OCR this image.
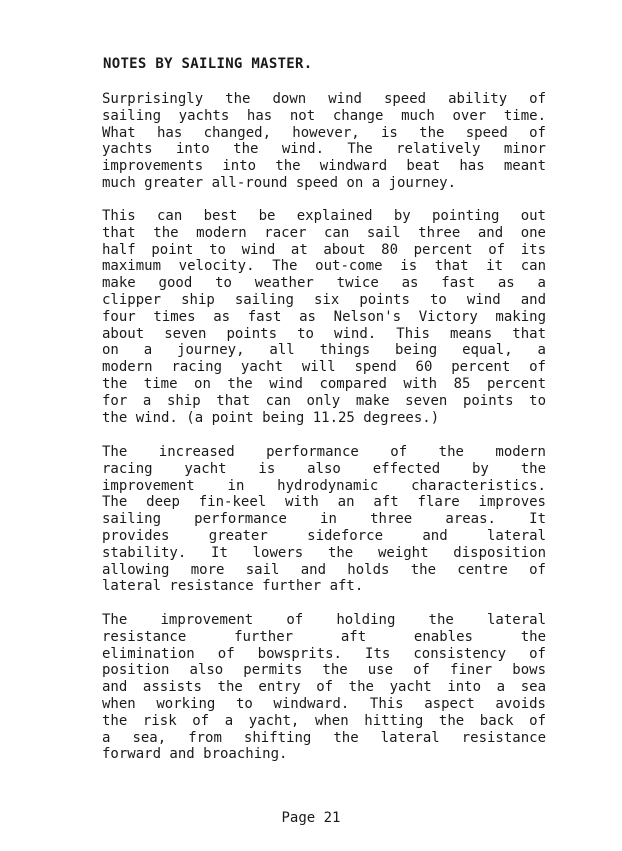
NOTES BY SAILING MASTER.
Surprisingly the down wind speed ability of
sailing yachts has not change much over time.
What has changed, however, is the speed of
yachts into the wind. The relatively minor
improvements into the windward beat has meant
much greater all-round speed on a journey.
This can best be explained by pointing out
that the modern racer can sail three and one
half point to wind at about 80 percent of its
maximum velocity. The out-come is that it can
make good to weather twice as fast as a
clipper ship sailing six points to wind and
four times as fast as Nelson's Victory making
about seven points to wind. This means that
on a journey, all things being equal, a
modern racing yacht will spend 60 percent of
the time on the wind compared with 85 percent
for a ship that can only make seven points to
the wind. (a point being 11.25 degrees.)
The increased performance of the modern
racing yacht is also effected by the
improvement in hydrodynamic characteristics.
The deep fin-keel with an aft flare improves
sailing performance in three areas. It
provides greater sideforce and lateral
stability. It lowers the weight disposition
allowing more sail and holds the centre of
lateral resistance further aft.
The improvement of holding the lateral
resistance further aft enables the
elimination of bowsprits. Its consistency of
position also permits the use of finer bows
and assists the entry of the yacht into a sea
when working to windward. This aspect avoids
the risk of a yacht, when hitting the back of
a sea, from shifting the lateral resistance
forward and broaching.
Page 21
